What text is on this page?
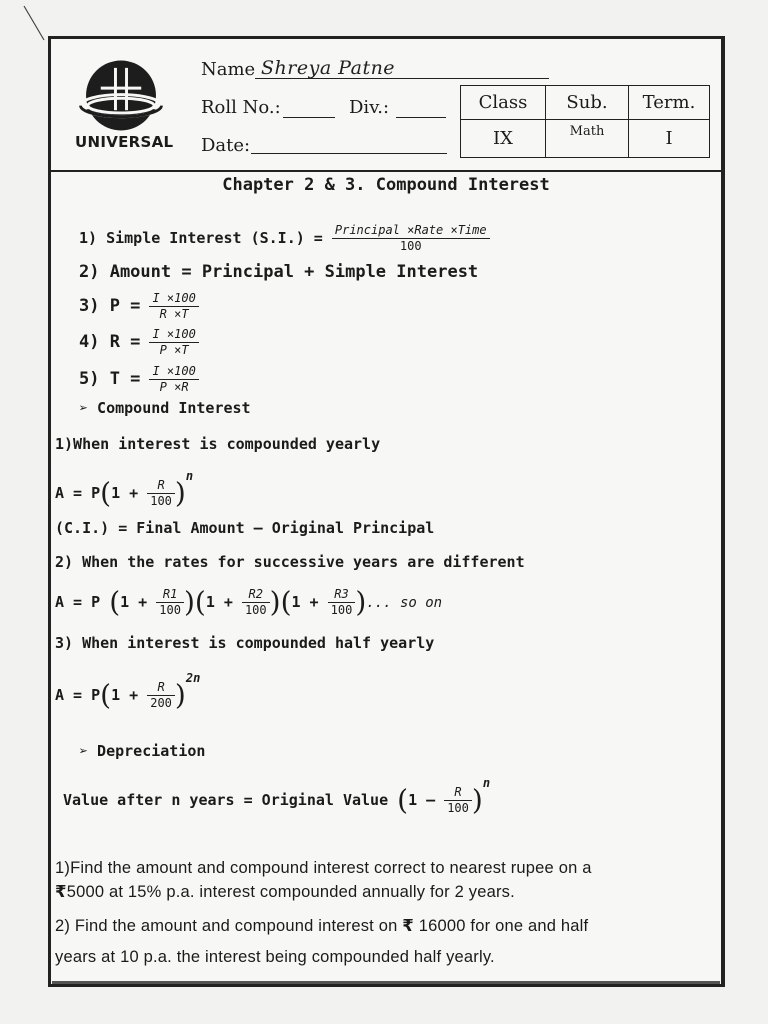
UNIVERSAL
Name Shreya Patne
Roll No.:	Div.:
Date:
Class	Sub.	Term.
IX	Math	I
Chapter 2 & 3. Compound Interest
1) Simple Interest $(S.I.) = \frac{\text{Principal ×Rate ×Time}}{100}$
2) Amount = Principal + Simple Interest
3) $P = \frac{I \times 100}{R \times T}$
4) $R = \frac{I \times 100}{P \times T}$
5) $T = \frac{I \times 100}{P \times R}$
➢ Compound Interest
1)When interest is compounded yearly
$A = P(1 + \frac{R}{100} )^n$
(C.I.) = Final Amount – Original Principal
2) When the rates for successive years are different
A = P $(1 + \frac{R1}{100} )(1 + \frac{R2}{100} )(1 + \frac{R3}{100}$ )... so on
3) When interest is compounded half yearly
$A = P(1 + \frac{R}{200} )^{2n}$
➢ Depreciation
Value after n years = Original Value $(1 - \frac{R}{100} )^n$
1)Find the amount and compound interest correct to nearest rupee on a
₹5000 at 15% p.a. interest compounded annually for 2 years.
2) Find the amount and compound interest on ₹ 16000 for one and half
years at 10 p.a. the interest being compounded half yearly.
